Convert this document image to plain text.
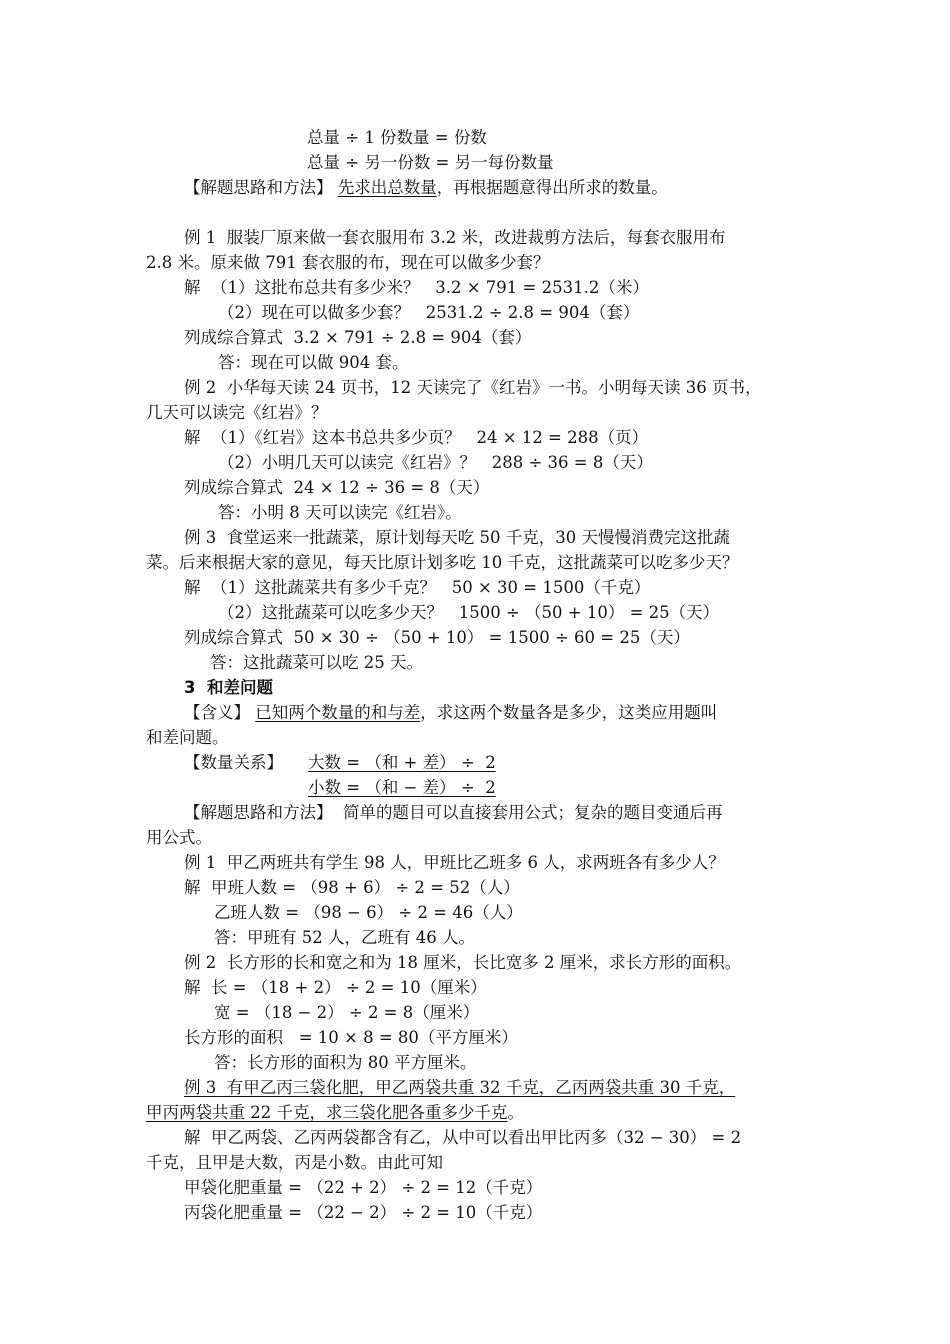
总量 ÷ 1 份数量 = 份数
总量 ÷ 另一份数 = 另一每份数量
【解题思路和方法】 先求出总数量，再根据题意得出所求的数量。
例 1  服装厂原来做一套衣服用布 3.2 米，改进裁剪方法后，每套衣服用布
2.8 米。原来做 791 套衣服的布，现在可以做多少套？
解  （1）这批布总共有多少米？   3.2 × 791 = 2531.2（米）
（2）现在可以做多少套？   2531.2 ÷ 2.8 = 904（套）
列成综合算式  3.2 × 791 ÷ 2.8 = 904（套）
答：现在可以做 904 套。
例 2  小华每天读 24 页书，12 天读完了《红岩》一书。小明每天读 36 页书，
几天可以读完《红岩》？
解  （1）《红岩》这本书总共多少页？   24 × 12 = 288（页）
（2）小明几天可以读完《红岩》？   288 ÷ 36 = 8（天）
列成综合算式  24 × 12 ÷ 36 = 8（天）
答：小明 8 天可以读完《红岩》。
例 3  食堂运来一批蔬菜，原计划每天吃 50 千克，30 天慢慢消费完这批蔬
菜。后来根据大家的意见，每天比原计划多吃 10 千克，这批蔬菜可以吃多少天？
解  （1）这批蔬菜共有多少千克？   50 × 30 = 1500（千克）
（2）这批蔬菜可以吃多少天？   1500 ÷ （50 + 10） = 25（天）
列成综合算式  50 × 30 ÷ （50 + 10） = 1500 ÷ 60 = 25（天）
答：这批蔬菜可以吃 25 天。
3  和差问题
【含义】 已知两个数量的和与差，求这两个数量各是多少，这类应用题叫
和差问题。
【数量关系】 大数 = （和 + 差） ÷  2
小数 = （和 − 差） ÷  2
【解题思路和方法】  简单的题目可以直接套用公式；复杂的题目变通后再
用公式。
例 1  甲乙两班共有学生 98 人，甲班比乙班多 6 人，求两班各有多少人？
解  甲班人数 = （98 + 6） ÷ 2 = 52（人）
乙班人数 = （98 − 6） ÷ 2 = 46（人）
答：甲班有 52 人，乙班有 46 人。
例 2  长方形的长和宽之和为 18 厘米，长比宽多 2 厘米，求长方形的面积。
解  长 = （18 + 2） ÷ 2 = 10（厘米）
宽 = （18 − 2） ÷ 2 = 8（厘米）
长方形的面积   = 10 × 8 = 80（平方厘米）
答：长方形的面积为 80 平方厘米。
例 3  有甲乙丙三袋化肥，甲乙两袋共重 32 千克，乙丙两袋共重 30 千克，
甲丙两袋共重 22 千克，求三袋化肥各重多少千克。
解  甲乙两袋、乙丙两袋都含有乙，从中可以看出甲比丙多（32 − 30） = 2
千克，且甲是大数，丙是小数。由此可知
甲袋化肥重量 = （22 + 2） ÷ 2 = 12（千克）
丙袋化肥重量 = （22 − 2） ÷ 2 = 10（千克）
